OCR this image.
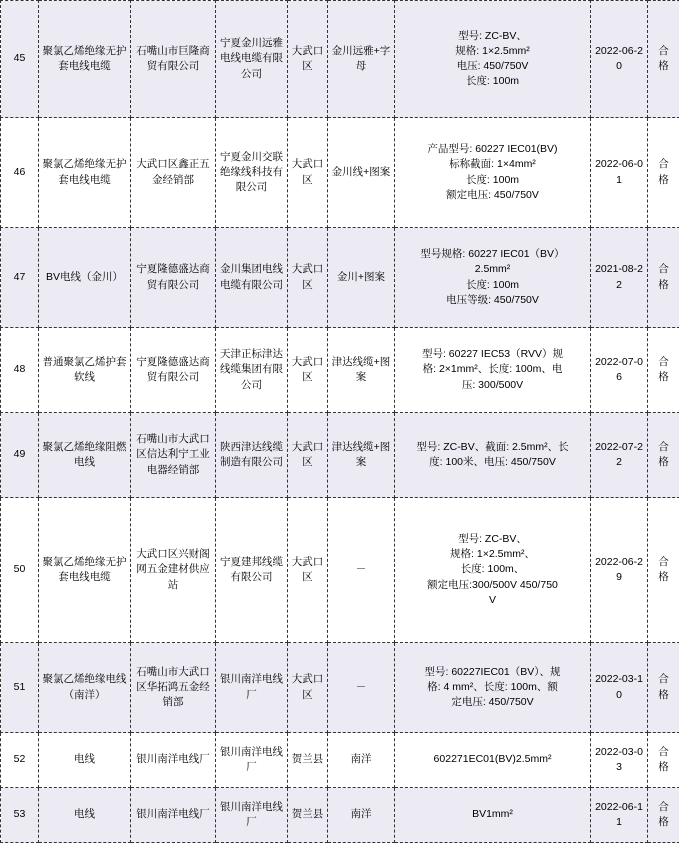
45	聚氯乙烯绝缘无护套电线电缆	石嘴山市巨隆商贸有限公司	宁夏金川远雅电线电缆有限公司	大武口区	金川远雅+字母	型号: ZC-BV、
规格: 1×2.5mm²
电压: 450/750V
长度: 100m	2022-06-20	合
格

46	聚氯乙烯绝缘无护套电线电缆	大武口区鑫正五金经销部	宁夏金川交联绝缘线科技有限公司	大武口区	金川线+图案	产品型号: 60227 IEC01(BV)
标称截面: 1×4mm²
长度: 100m
额定电压: 450/750V	2022-06-01	合
格

47	BV电线（金川）	宁夏隆德盛达商贸有限公司	金川集团电线电缆有限公司	大武口区	金川+图案	型号规格: 60227 IEC01（BV）
2.5mm²
长度: 100m
电压等级: 450/750V	2021-08-22	合
格

48	普通聚氯乙烯护套软线	宁夏隆德盛达商贸有限公司	天津正标津达线缆集团有限公司	大武口区	津达线缆+图案	型号: 60227 IEC53（RVV）规
格: 2×1mm²、长度: 100m、电
压: 300/500V	2022-07-06	合
格

49	聚氯乙烯绝缘阻燃电线	石嘴山市大武口区信达利宁工业电器经销部	陕西津达线缆制造有限公司	大武口区	津达线缆+图案	型号: ZC-BV、截面: 2.5mm²、长
度: 100米、电压: 450/750V	2022-07-22	合
格

50	聚氯乙烯绝缘无护套电线电缆	大武口区兴财阁网五金建材供应站	宁夏建邦线缆有限公司	大武口区	－	型号: ZC-BV、
规格: 1×2.5mm²、
长度: 100m、
额定电压:300/500V 450/750
V	2022-06-29	合
格

51	聚氯乙烯绝缘电线（南洋）	石嘴山市大武口区华拓鸿五金经销部	银川南洋电线厂	大武口区	－	型号: 60227IEC01（BV）、规
格: 4 mm²、长度: 100m、额
定电压: 450/750V	2022-03-10	合
格

52	电线	银川南洋电线厂	银川南洋电线厂	贺兰县	南洋	602271EC01(BV)2.5mm²	2022-03-03	合
格

53	电线	银川南洋电线厂	银川南洋电线厂	贺兰县	南洋	BV1mm²	2022-06-11	合
格
